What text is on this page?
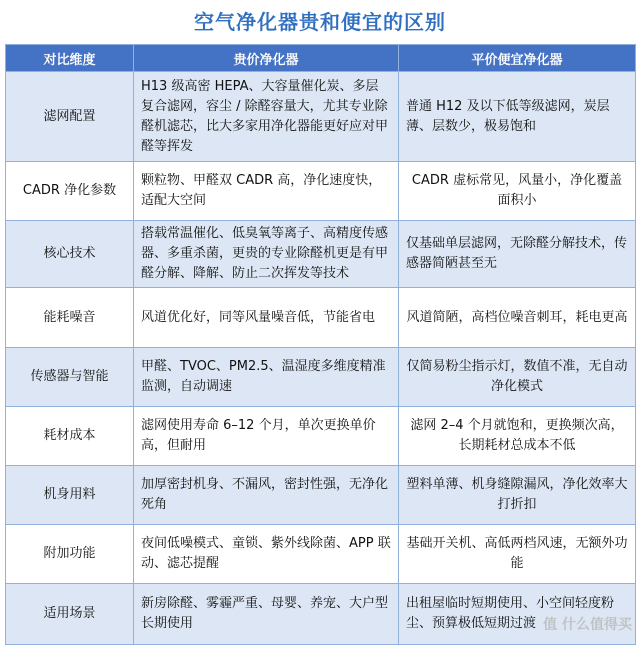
空气净化器贵和便宜的区别
对比维度	贵价净化器	平价便宜净化器
滤网配置	H13 级高密 HEPA、大容量催化炭、多层复合滤网，容尘 / 除醛容量大，尤其专业除醛机滤芯，比大多家用净化器能更好应对甲醛等挥发	普通 H12 及以下低等级滤网，炭层薄、层数少，极易饱和
CADR 净化参数	颗粒物、甲醛双 CADR 高，净化速度快，适配大空间	CADR 虚标常见，风量小，净化覆盖面积小
核心技术	搭载常温催化、低臭氧等离子、高精度传感器、多重杀菌，更贵的专业除醛机更是有甲醛分解、降解、防止二次挥发等技术	仅基础单层滤网，无除醛分解技术，传感器简陋甚至无
能耗噪音	风道优化好，同等风量噪音低，节能省电	风道简陋，高档位噪音刺耳，耗电更高
传感器与智能	甲醛、TVOC、PM2.5、温湿度多维度精准监测，自动调速	仅简易粉尘指示灯，数值不准，无自动净化模式
耗材成本	滤网使用寿命 6–12 个月，单次更换单价高，但耐用	滤网 2–4 个月就饱和，更换频次高，长期耗材总成本不低
机身用料	加厚密封机身、不漏风，密封性强，无净化死角	塑料单薄、机身缝隙漏风，净化效率大打折扣
附加功能	夜间低噪模式、童锁、紫外线除菌、APP 联动、滤芯提醒	基础开关机、高低两档风速，无额外功能
适用场景	新房除醛、雾霾严重、母婴、养宠、大户型长期使用	出租屋临时短期使用、小空间轻度粉尘、预算极低短期过渡 值 什么值得买
